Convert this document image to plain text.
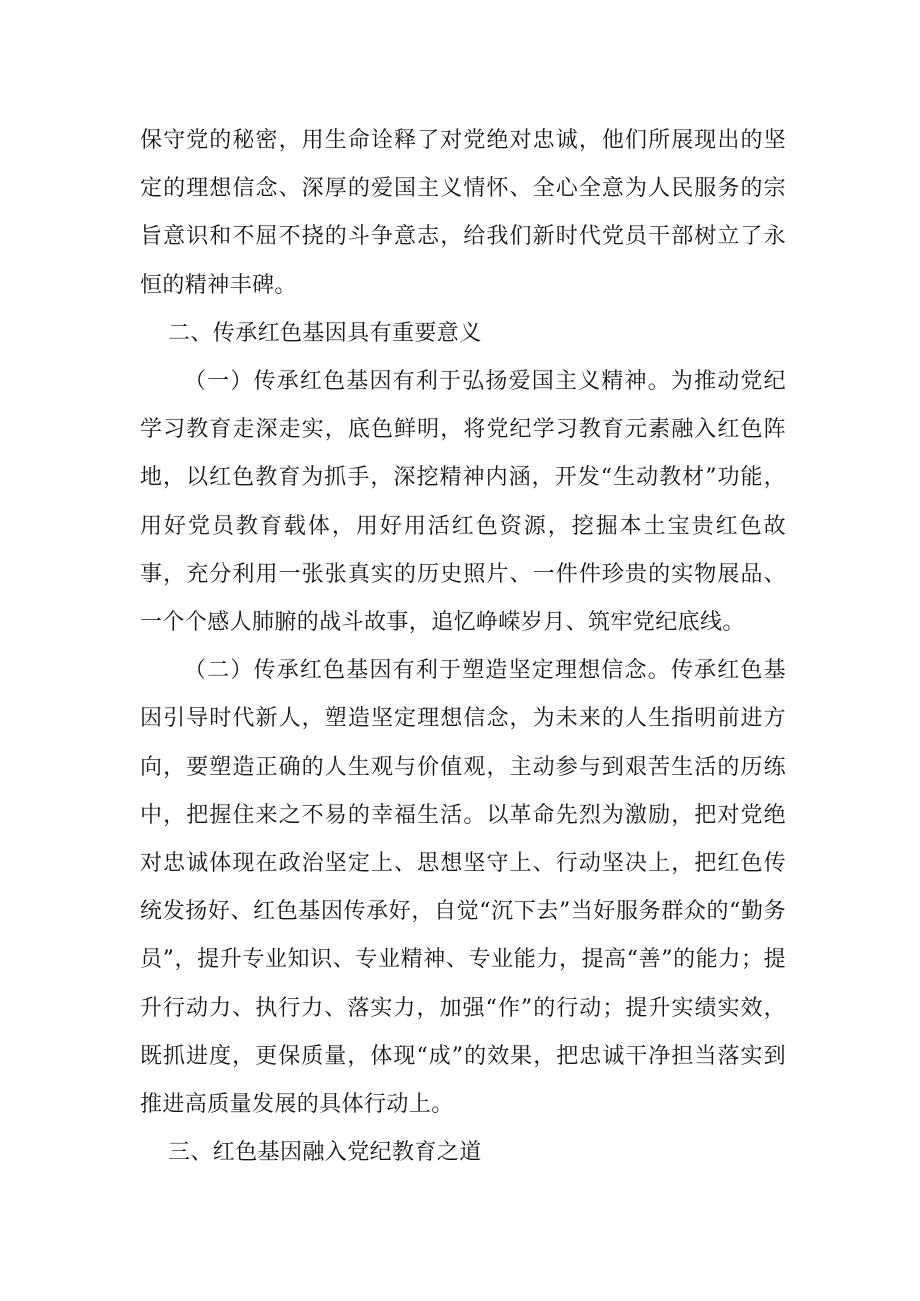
保守党的秘密，用生命诠释了对党绝对忠诚，他们所展现出的坚定的理想信念、深厚的爱国主义情怀、全心全意为人民服务的宗旨意识和不屈不挠的斗争意志，给我们新时代党员干部树立了永恒的精神丰碑。

二、传承红色基因具有重要意义

（一）传承红色基因有利于弘扬爱国主义精神。为推动党纪学习教育走深走实，底色鲜明，将党纪学习教育元素融入红色阵地，以红色教育为抓手，深挖精神内涵，开发“生动教材”功能，用好党员教育载体，用好用活红色资源，挖掘本土宝贵红色故事，充分利用一张张真实的历史照片、一件件珍贵的实物展品、一个个感人肺腑的战斗故事，追忆峥嵘岁月、筑牢党纪底线。

（二）传承红色基因有利于塑造坚定理想信念。传承红色基因引导时代新人，塑造坚定理想信念，为未来的人生指明前进方向，要塑造正确的人生观与价值观，主动参与到艰苦生活的历练中，把握住来之不易的幸福生活。以革命先烈为激励，把对党绝对忠诚体现在政治坚定上、思想坚守上、行动坚决上，把红色传统发扬好、红色基因传承好，自觉“沉下去”当好服务群众的“勤务员”，提升专业知识、专业精神、专业能力，提高“善”的能力；提升行动力、执行力、落实力，加强“作”的行动；提升实绩实效，既抓进度，更保质量，体现“成”的效果，把忠诚干净担当落实到推进高质量发展的具体行动上。

三、红色基因融入党纪教育之道
